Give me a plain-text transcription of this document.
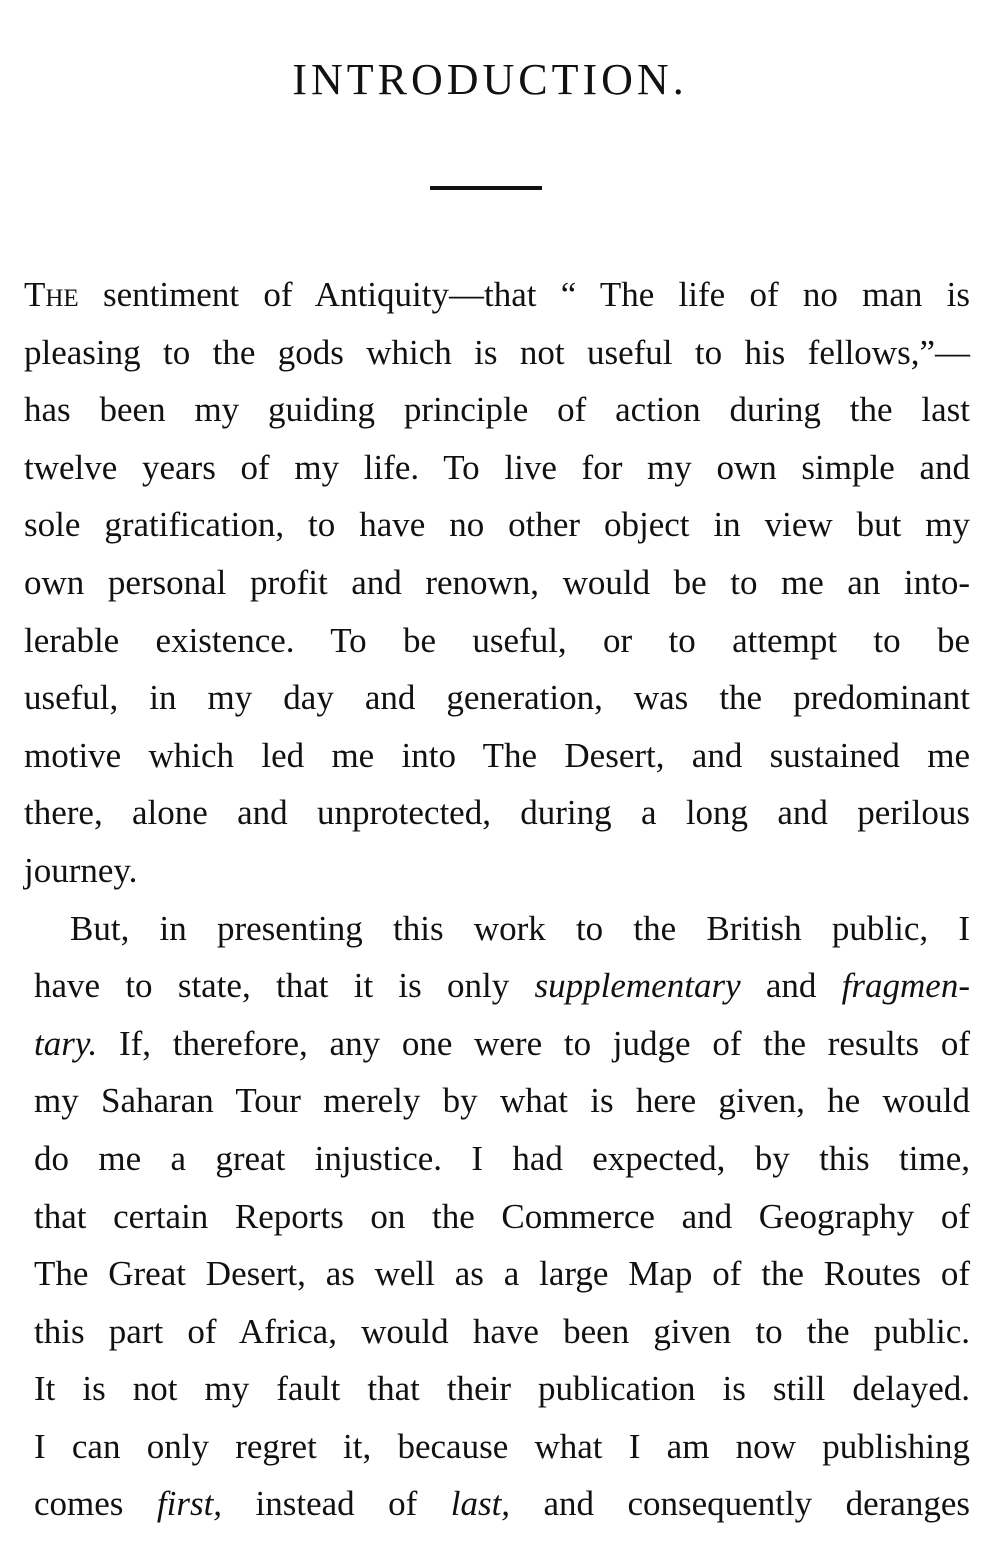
INTRODUCTION.
The sentiment of Antiquity—that “ The life of no man is
pleasing to the gods which is not useful to his fellows,”—
has been my guiding principle of action during the last
twelve years of my life. To live for my own simple and
sole gratification, to have no other object in view but my
own personal profit and renown, would be to me an into-
lerable existence. To be useful, or to attempt to be
useful, in my day and generation, was the predominant
motive which led me into The Desert, and sustained me
there, alone and unprotected, during a long and perilous
journey.
But, in presenting this work to the British public, I
have to state, that it is only supplementary and fragmen-
tary. If, therefore, any one were to judge of the results of
my Saharan Tour merely by what is here given, he would
do me a great injustice. I had expected, by this time,
that certain Reports on the Commerce and Geography of
The Great Desert, as well as a large Map of the Routes of
this part of Africa, would have been given to the public.
It is not my fault that their publication is still delayed.
I can only regret it, because what I am now publishing
comes first, instead of last, and consequently deranges
